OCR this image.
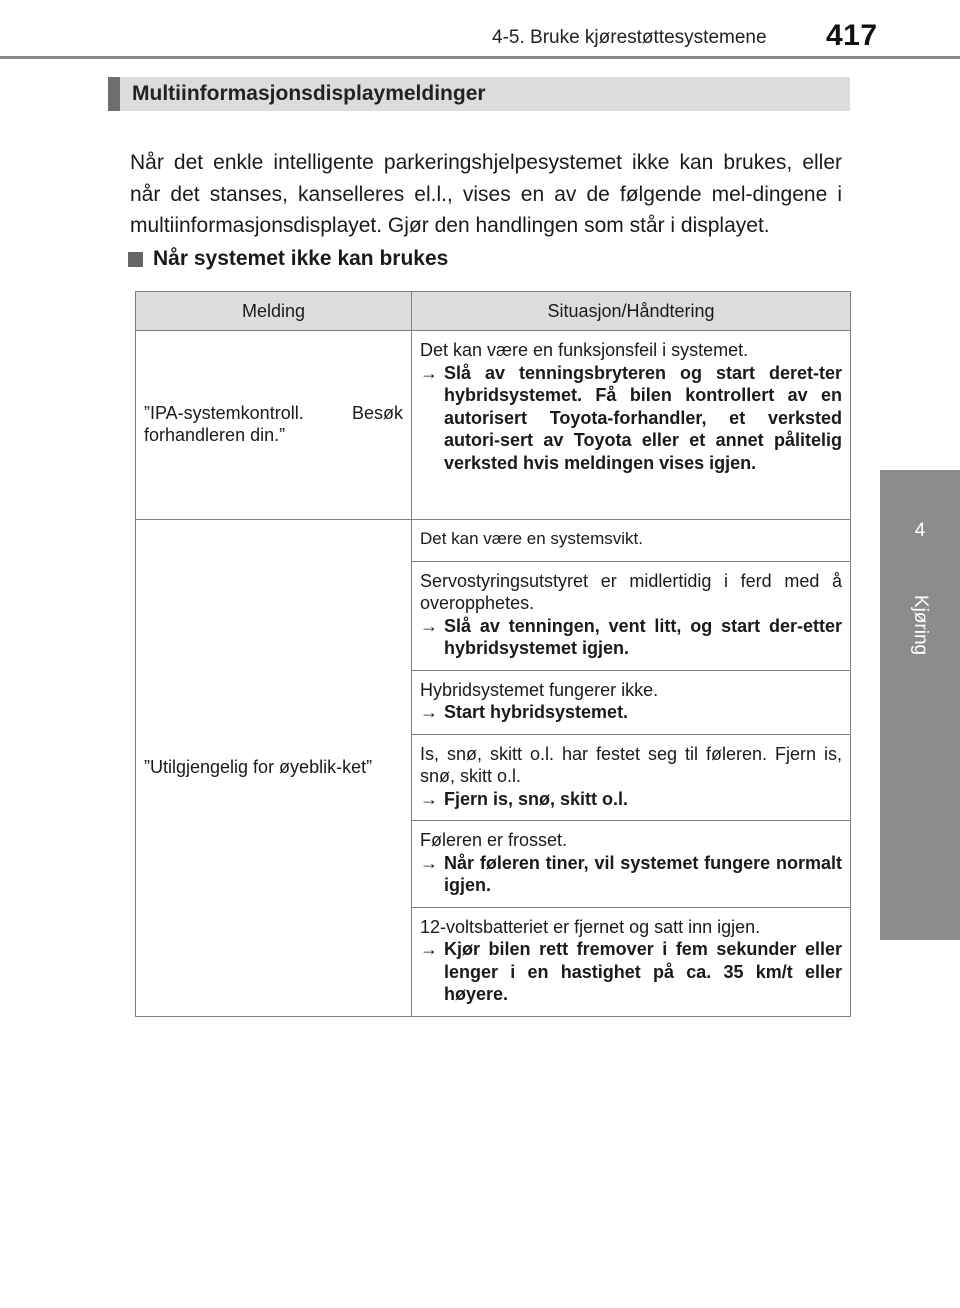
4-5. Bruke kjørestøttesystemene 417
4
Kjøring
Multiinformasjonsdisplaymeldinger

Når det enkle intelligente parkeringshjelpesystemet ikke kan brukes, eller når det stanses, kanselleres el.l., vises en av de følgende mel-dingene i multiinformasjonsdisplayet. Gjør den handlingen som står i displayet.

Når systemet ikke kan brukes
Melding	Situasjon/Håndtering
”IPA-systemkontroll. Besøk forhandleren din.”	Det kan være en funksjonsfeil i systemet.
→ Slå av tenningsbryteren og start deret-ter hybridsystemet. Få bilen kontrollert av en autorisert Toyota-forhandler, et verksted autori-sert av Toyota eller et annet pålitelig verksted hvis meldingen vises igjen.

”Utilgjengelig for øyeblik-ket”	Det kan være en systemsvikt.

	Servostyringsutstyret er midlertidig i ferd med å overopphetes.
→ Slå av tenningen, vent litt, og start der-etter hybridsystemet igjen.

	Hybridsystemet fungerer ikke.
→ Start hybridsystemet.

	Is, snø, skitt o.l. har festet seg til føleren. Fjern is, snø, skitt o.l.
→ Fjern is, snø, skitt o.l.

	Føleren er frosset.
→ Når føleren tiner, vil systemet fungere normalt igjen.

	12-voltsbatteriet er fjernet og satt inn igjen.
→ Kjør bilen rett fremover i fem sekunder eller lenger i en hastighet på ca. 35 km/t eller høyere.
